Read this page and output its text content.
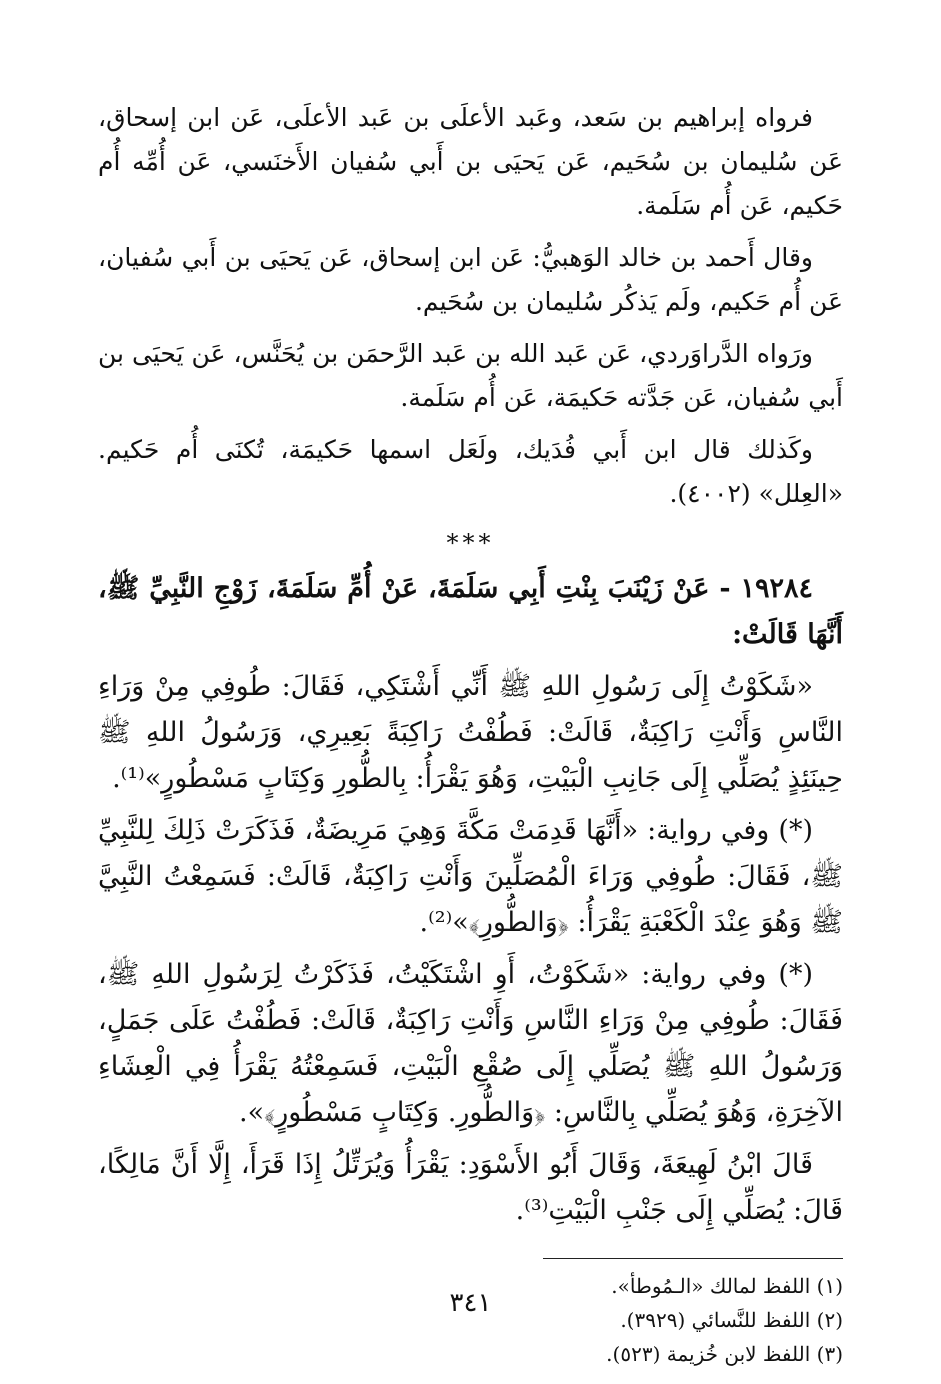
فرواه إبراهيم بن سَعد، وعَبد الأعلَى بن عَبد الأعلَى، عَن ابن إسحاق، عَن سُليمان بن سُحَيم، عَن يَحيَى بن أَبي سُفيان الأَخنَسي، عَن أُمِّه أُم حَكيم، عَن أُم سَلَمة.

وقال أَحمد بن خالد الوَهبيُّ: عَن ابن إسحاق، عَن يَحيَى بن أَبي سُفيان، عَن أُم حَكيم، ولَم يَذكُر سُليمان بن سُحَيم.

ورَواه الدَّراوَردي، عَن عَبد الله بن عَبد الرَّحمَن بن يُحَنَّس، عَن يَحيَى بن أَبي سُفيان، عَن جَدَّته حَكيمَة، عَن أُم سَلَمة.

وكَذلك قال ابن أَبي فُدَيك، ولَعَل اسمها حَكيمَة، تُكنَى أُم حَكيم. «العِلل» (٤٠٠٢).

***

١٩٢٨٤ - عَنْ زَيْنَبَ بِنْتِ أَبِي سَلَمَةَ، عَنْ أُمِّ سَلَمَةَ، زَوْجِ النَّبِيِّ ﷺ، أَنَّهَا قَالَتْ:

«شَكَوْتُ إِلَى رَسُولِ اللهِ ﷺ أَنِّي أَشْتَكِي، فَقَالَ: طُوفِي مِنْ وَرَاءِ النَّاسِ وَأَنْتِ رَاكِبَةٌ، قَالَتْ: فَطُفْتُ رَاكِبَةً بَعِيرِي، وَرَسُولُ اللهِ ﷺ حِينَئِذٍ يُصَلِّي إِلَى جَانِبِ الْبَيْتِ، وَهُوَ يَقْرَأُ: بِالطُّورِ وَكِتَابٍ مَسْطُورٍ»⁽¹⁾.

(*) وفي رواية: «أَنَّهَا قَدِمَتْ مَكَّةَ وَهِيَ مَرِيضَةٌ، فَذَكَرَتْ ذَلِكَ لِلنَّبِيِّ ﷺ، فَقَالَ: طُوفِي وَرَاءَ الْمُصَلِّينَ وَأَنْتِ رَاكِبَةٌ، قَالَتْ: فَسَمِعْتُ النَّبِيَّ ﷺ وَهُوَ عِنْدَ الْكَعْبَةِ يَقْرَأُ: ﴿وَالطُّورِ﴾»⁽²⁾.

(*) وفي رواية: «شَكَوْتُ، أَوِ اشْتَكَيْتُ، فَذَكَرْتُ لِرَسُولِ اللهِ ﷺ، فَقَالَ: طُوفِي مِنْ وَرَاءِ النَّاسِ وَأَنْتِ رَاكِبَةٌ، قَالَتْ: فَطُفْتُ عَلَى جَمَلٍ، وَرَسُولُ اللهِ ﷺ يُصَلِّي إِلَى صُقْعِ الْبَيْتِ، فَسَمِعْتُهُ يَقْرَأُ فِي الْعِشَاءِ الآخِرَةِ، وَهُوَ يُصَلِّي بِالنَّاسِ: ﴿وَالطُّورِ. وَكِتَابٍ مَسْطُورٍ﴾».

قَالَ ابْنُ لَهِيعَةَ، وَقَالَ أَبُو الأَسْوَدِ: يَقْرَأُ وَيُرَتِّلُ إِذَا قَرَأَ، إِلَّا أَنَّ مَالِكًا، قَالَ: يُصَلِّي إِلَى جَنْبِ الْبَيْتِ⁽³⁾.

(١) اللفظ لمالك «الـمُوطأ».

(٢) اللفظ للنَّسائي (٣٩٢٩).

(٣) اللفظ لابن خُزيمة (٥٢٣).

٣٤١
